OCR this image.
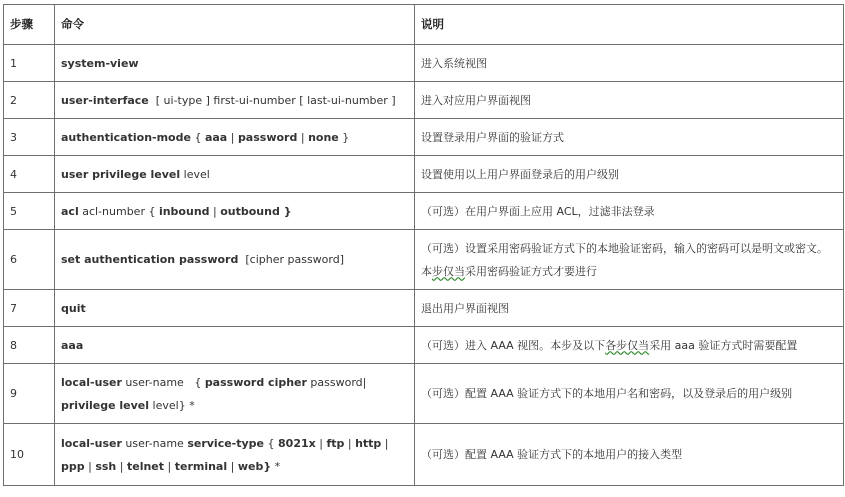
步骤	命令	说明
1	system-view	进入系统视图
2	user-interface  [ ui-type ] first-ui-number [ last-ui-number ]	进入对应用户界面视图
3	authentication-mode { aaa | password | none }	设置登录用户界面的验证方式
4	user privilege level level	设置使用以上用户界面登录后的用户级别
5	acl acl-number { inbound | outbound }	（可选）在用户界面上应用 ACL，过滤非法登录
6	set authentication password  [cipher password]	（可选）设置采用密码验证方式下的本地验证密码，输入的密码可以是明文或密文。本步仅当采用密码验证方式才要进行
7	quit	退出用户界面视图
8	aaa	（可选）进入 AAA 视图。本步及以下各步仅当采用 aaa 验证方式时需要配置
9	local-user user-name   { password cipher password| privilege level level} *	（可选）配置 AAA 验证方式下的本地用户名和密码，以及登录后的用户级别
10	local-user user-name service-type { 8021x | ftp | http | ppp | ssh | telnet | terminal | web} *	（可选）配置 AAA 验证方式下的本地用户的接入类型
